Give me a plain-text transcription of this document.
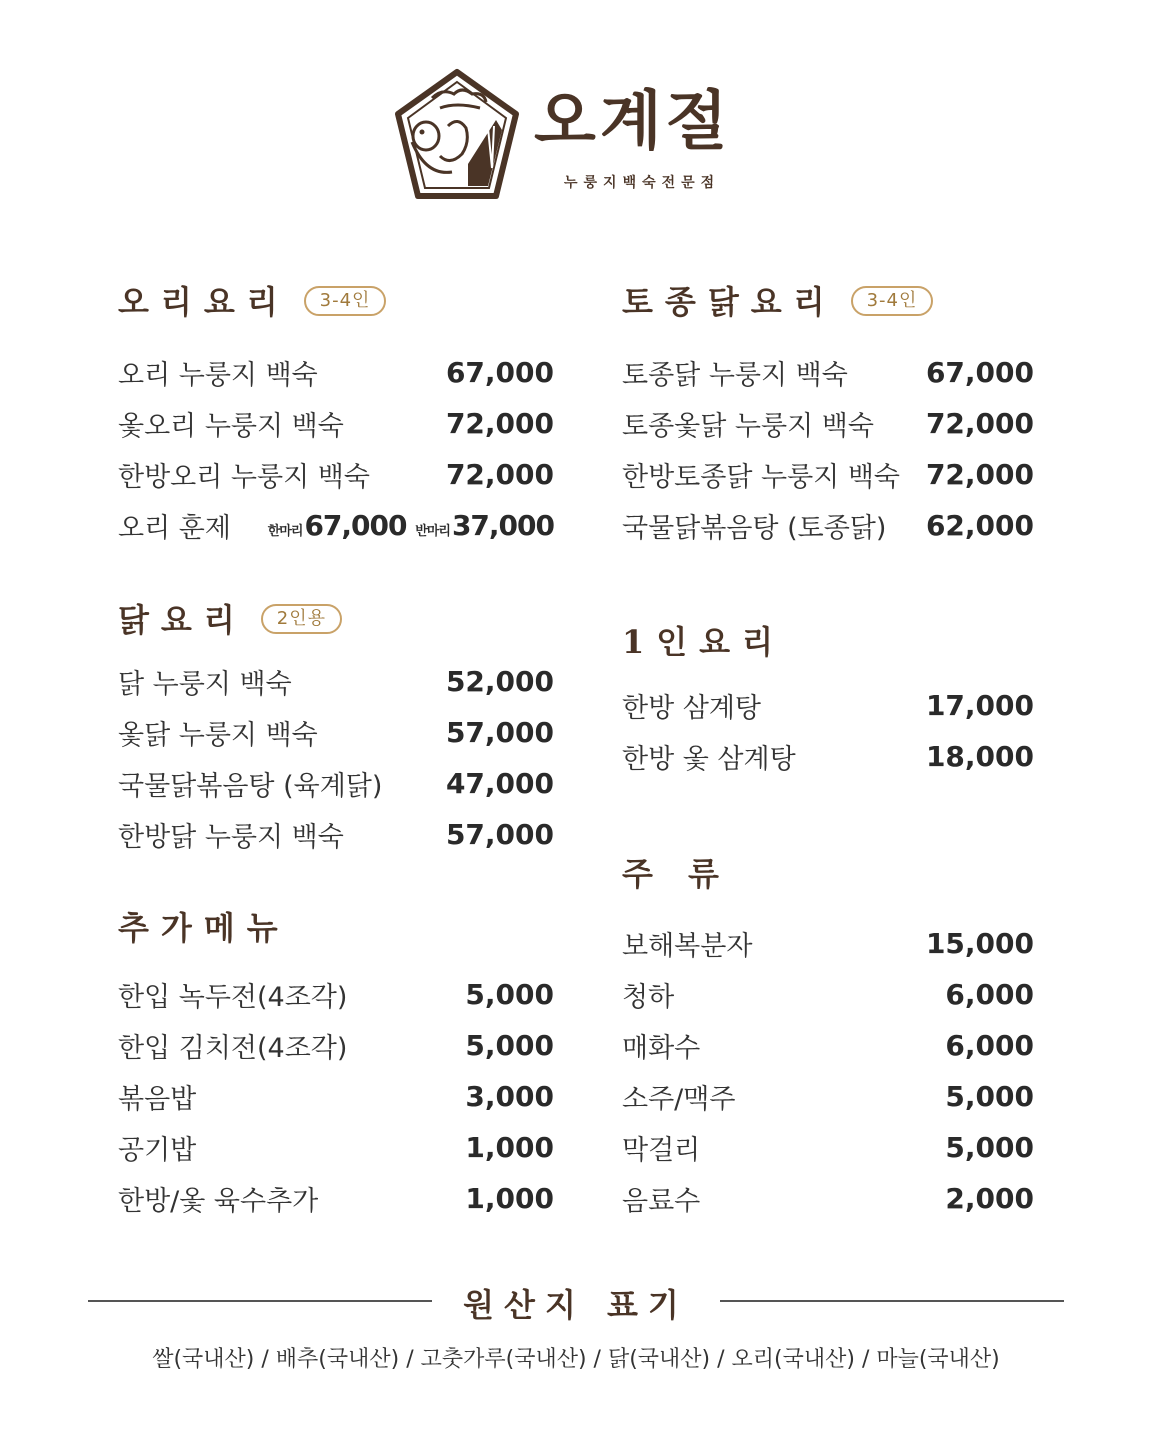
오계절
누룽지백숙전문점
오리요리 3-4인
오리 누룽지 백숙	67,000
옻오리 누룽지 백숙	72,000
한방오리 누룽지 백숙	72,000
오리 훈제	한마리67,000 반마리37,000
닭요리 2인용
닭 누룽지 백숙	52,000
옻닭 누룽지 백숙	57,000
국물닭볶음탕 (육계닭) 47,000
한방닭 누룽지 백숙	57,000
추가메뉴
한입 녹두전(4조각)	5,000
한입 김치전(4조각)	5,000
볶음밥	3,000
공기밥	1,000
한방/옻 육수추가	1,000
토종닭요리 3-4인
토종닭 누룽지 백숙	67,000
토종옻닭 누룽지 백숙 72,000
한방토종닭 누룽지 백숙 72,000
국물닭볶음탕 (토종닭) 62,000
1인요리
한방 삼계탕	17,000
한방 옻 삼계탕	18,000
주 류
보해복분자	15,000
청하	6,000
매화수	6,000
소주/맥주	5,000
막걸리	5,000
음료수	2,000
원산지 표기
쌀(국내산) / 배추(국내산) / 고춧가루(국내산) / 닭(국내산) / 오리(국내산) / 마늘(국내산)
